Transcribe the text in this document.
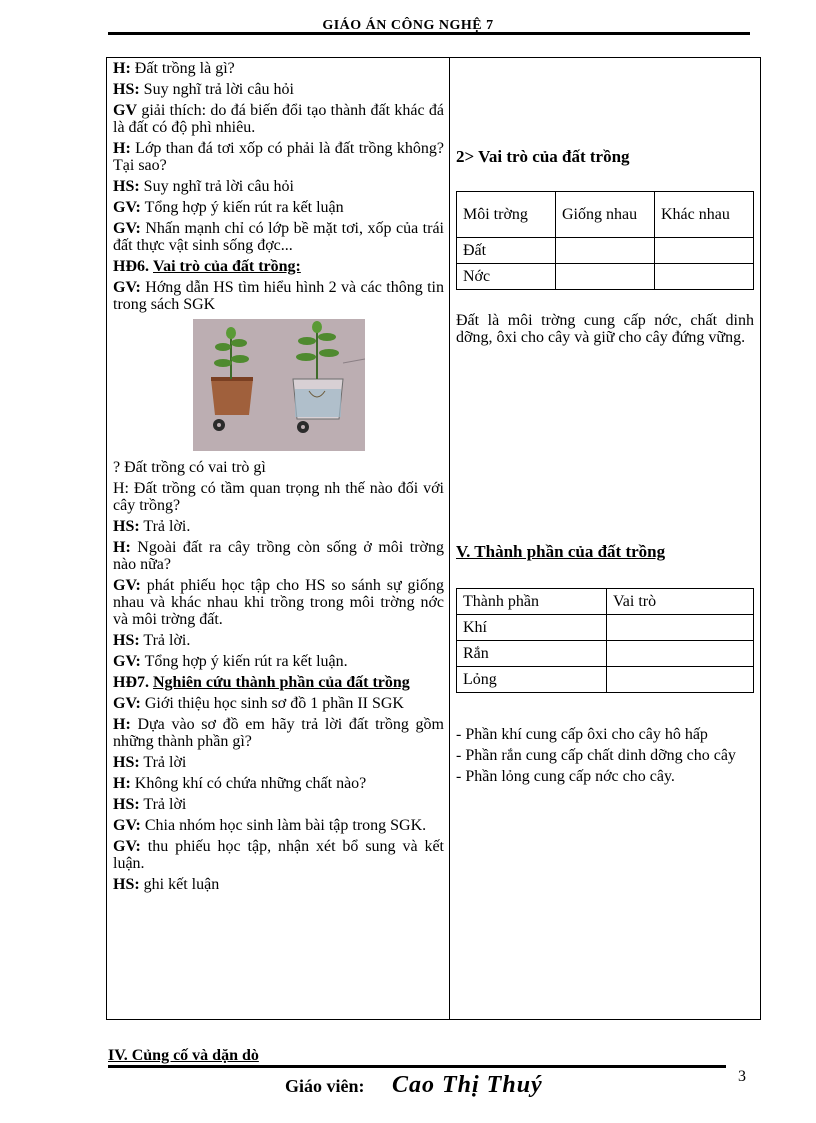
GIÁO ÁN CÔNG NGHỆ 7

H: Đất trồng là gì?

HS: Suy nghĩ trả lời câu hỏi

GV giải thích: do đá biến đổi tạo thành đất khác đá là đất có độ phì nhiêu.

H: Lớp than đá tơi xốp có phải là đất trồng không? Tại sao?

HS: Suy nghĩ trả lời câu hỏi

GV: Tổng hợp ý kiến rút ra kết luận

GV: Nhấn mạnh chỉ có lớp bề mặt tơi, xốp của trái đất thực vật sinh sống đợc...

HĐ6. Vai trò của đất trồng:

GV: Hớng dẫn HS tìm hiểu hình 2 và các thông tin trong sách SGK

? Đất trồng có vai trò gì

H: Đất trồng có tầm quan trọng nh thế nào đối với cây trồng?

HS: Trả lời.

H: Ngoài đất ra cây trồng còn sống ở môi trờng nào nữa?

GV: phát phiếu học tập cho HS so sánh sự giống nhau và khác nhau khi trồng trong môi trờng nớc và môi trờng đất.

HS: Trả lời.

GV: Tổng hợp ý kiến rút ra kết luận.

HĐ7. Nghiên cứu thành phần của đất trồng

GV: Giới thiệu học sinh sơ đồ 1 phần II SGK

H: Dựa vào sơ đồ em hãy trả lời đất trồng gồm những thành phần gì?

HS: Trả lời

H: Không khí có chứa những chất nào?

HS: Trả lời

GV: Chia nhóm học sinh làm bài tập trong SGK.

GV: thu phiếu học tập, nhận xét bổ sung và kết luận.

HS: ghi kết luận

2> Vai trò của đất trồng
Môi trờng	Giống nhau	Khác nhau
Đất		
Nớc		

Đất là môi trờng cung cấp nớc, chất dinh dỡng, ôxi cho cây và giữ cho cây đứng vững.

V. Thành phần của đất trồng
Thành phần	Vai trò
Khí	
Rắn	
Lỏng	

- Phần khí cung cấp ôxi cho cây hô hấp

- Phần rắn cung cấp chất dinh dỡng cho cây

- Phần lỏng cung cấp nớc cho cây.

IV. Củng cố và dặn dò
3
Giáo viên: Cao Thị Thuý
